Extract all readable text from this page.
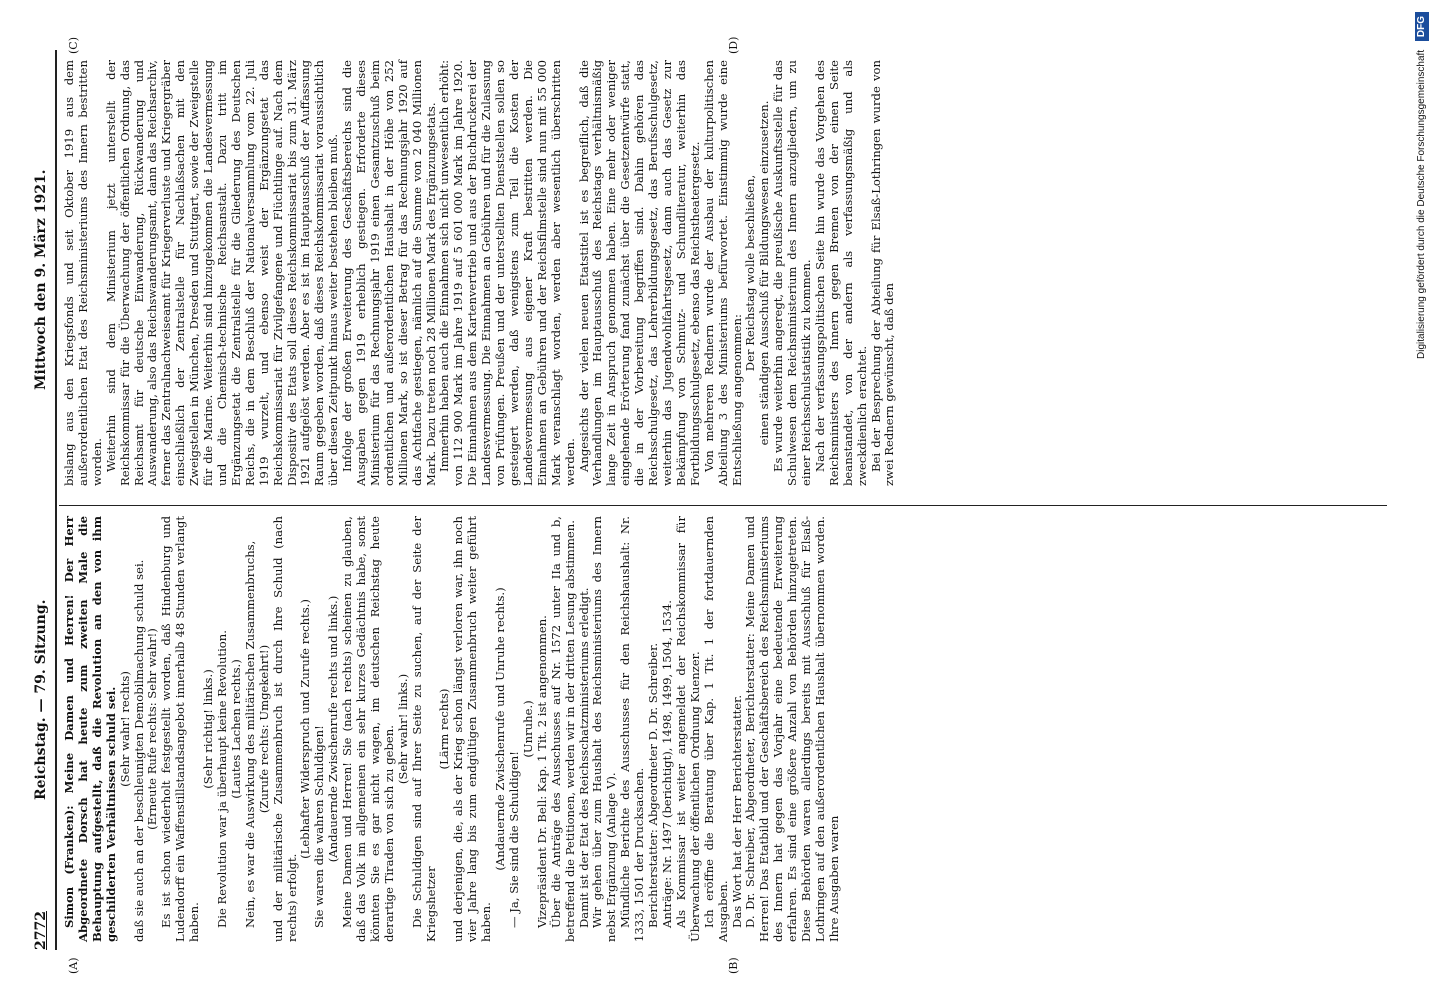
2772
Reichstag. — 79. Sitzung.
Mittwoch den 9. März 1921.
(A)	(B)
(C)	(D)

Simon (Franken): Meine Damen und Herren! Der Herr Abgeordnete Dorsch hat heute zum zweiten Male die Behauptung aufgestellt, daß die Revolution an den von ihm geschilderten Verhältnissen schuld sei. (Sehr wahr! rechts) daß sie auch an der beschleunigten Demobilmachung schuld sei. (Erneute Rufe rechts: Sehr wahr!) Es ist schon wiederholt festgestellt worden, daß Hindenburg und Ludendorff ein Waffenstillstandsangebot innerhalb 48 Stunden verlangt haben.

(Sehr richtig! links.) Die Revolution war ja überhaupt keine Revolution. (Lautes Lachen rechts.) Nein, es war die Auswirkung des militärischen Zusammenbruchs, (Zurufe rechts: Umgekehrt!) und der militärische Zusammenbruch ist durch Ihre Schuld (nach rechts) erfolgt.

(Lebhafter Widerspruch und Zurufe rechts.) Sie waren die wahren Schuldigen! (Andauernde Zwischenrufe rechts und links.) Meine Damen und Herren! Sie (nach rechts) scheinen zu glauben, daß das Volk im allgemeinen ein sehr kurzes Gedächtnis habe, sonst könnten Sie es gar nicht wagen, im deutschen Reichstag heute derartige Tiraden von sich zu geben. (Sehr wahr! links.) Die Schuldigen sind auf Ihrer Seite zu suchen, auf der Seite der Kriegshetzer

(Lärm rechts) und derjenigen, die, als der Krieg schon längst verloren war, ihn noch vier Jahre lang bis zum endgültigen Zusammenbruch weiter geführt haben.

(Andauernde Zwischenrufe und Unruhe rechts.) — Ja, Sie sind die Schuldigen!

(Unruhe.) Vizepräsident Dr. Bell: Kap. 1 Tit. 2 ist angenommen. Über die Anträge des Ausschusses auf Nr. 1572 unter IIa und b, betreffend die Petitionen, werden wir in der dritten Lesung abstimmen. Damit ist der Etat des Reichsschatzministeriums erledigt. Wir gehen über zum Haushalt des Reichsministeriums des Innern nebst Ergänzung (Anlage V). Mündliche Berichte des Ausschusses für den Reichshaushalt: Nr. 1333, 1501 der Drucksachen. Berichterstatter: Abgeordneter D. Dr. Schreiber. Anträge: Nr. 1497 (berichtigt), 1498, 1499, 1504, 1534. Als Kommissar ist weiter angemeldet der Reichskommissar für Überwachung der öffentlichen Ordnung Kuenzer. Ich eröffne die Beratung über Kap. 1 Tit. 1 der fortdauernden Ausgaben. Das Wort hat der Herr Berichterstatter. D. Dr. Schreiber, Abgeordneter, Berichterstatter: Meine Damen und Herren! Das Etatbild und der Geschäftsbereich des Reichsministeriums des Innern hat gegen das Vorjahr eine bedeutende Erweiterung erfahren. Es sind eine größere Anzahl von Behörden hinzugetreten. Diese Behörden waren allerdings bereits mit Ausschluß für Elsaß-Lothringen auf den außerordentlichen Haushalt übernommen worden. Ihre Ausgaben waren

bislang aus den Kriegsfonds und seit Oktober 1919 aus dem außerordentlichen Etat des Reichsministeriums des Innern bestritten worden. Weiterhin sind dem Ministerium jetzt unterstellt der Reichskommissar für die Überwachung der öffentlichen Ordnung, das Reichsamt für deutsche Einwanderung, Rückwanderung und Auswanderung, also das Reichswanderungsamt, dann das Reichsarchiv, ferner das Zentralnachweiseamt für Kriegerverluste und Kriegergräber einschließlich der Zentralstelle für Nachlaßsachen mit den Zweigstellen in München, Dresden und Stuttgart, sowie der Zweigstelle für die Marine. Weiterhin sind hinzugekommen die Landesvermessung und die Chemisch-technische Reichsanstalt. Dazu tritt im Ergänzungsetat die Zentralstelle für die Gliederung des Deutschen Reichs, die in dem Beschluß der Nationalversammlung vom 22. Juli 1919 wurzelt, und ebenso weist der Ergänzungsetat das Reichskommissariat für Zivilgefangene und Flüchtlinge auf. Nach dem Dispositiv des Etats soll dieses Reichskommissariat bis zum 31. März 1921 aufgelöst werden. Aber es ist im Hauptausschuß der Auffassung Raum gegeben worden, daß dieses Reichskommissariat voraussichtlich über diesen Zeitpunkt hinaus weiter bestehen bleiben muß. Infolge der großen Erweiterung des Geschäftsbereichs sind die Ausgaben gegen 1919 erheblich gestiegen. Erforderte dieses Ministerium für das Rechnungsjahr 1919 einen Gesamtzuschuß beim ordentlichen und außerordentlichen Haushalt in der Höhe von 252 Millionen Mark, so ist dieser Betrag für das Rechnungsjahr 1920 auf das Achtfache gestiegen, nämlich auf die Summe von 2 040 Millionen Mark. Dazu treten noch 28 Millionen Mark des Ergänzungsetats. Immerhin haben auch die Einnahmen sich nicht unwesentlich erhöht: von 112 900 Mark im Jahre 1919 auf 5 601 000 Mark im Jahre 1920. Die Einnahmen aus dem Kartenvertrieb und aus der Buchdruckerei der Landesvermessung. Die Einnahmen an Gebühren und für die Zulassung von Prüfungen. Preußen und der unterstellten Dienststellen sollen so gesteigert werden, daß wenigstens zum Teil die Kosten der Landesvermessung aus eigener Kraft bestritten werden. Die Einnahmen an Gebühren und der Reichsfilmstelle sind nun mit 55 000 Mark veranschlagt worden, werden aber wesentlich überschritten werden. Angesichts der vielen neuen Etatstitel ist es begreiflich, daß die Verhandlungen im Hauptausschuß des Reichstags verhältnismäßig lange Zeit in Anspruch genommen haben. Eine mehr oder weniger eingehende Erörterung fand zunächst über die Gesetzentwürfe statt, die in der Vorbereitung begriffen sind. Dahin gehören das Reichsschulgesetz, das Lehrerbildungsgesetz, das Berufsschulgesetz, weiterhin das Jugendwohlfahrtsgesetz, dann auch das Gesetz zur Bekämpfung von Schmutz- und Schundliteratur, weiterhin das Fortbildungsschulgesetz, ebenso das Reichstheatergesetz. Von mehreren Rednern wurde der Ausbau der kulturpolitischen Abteilung 3 des Ministeriums befürwortet. Einstimmig wurde eine Entschließung angenommen:

Der Reichstag wolle beschließen, einen ständigen Ausschuß für Bildungswesen einzusetzen. Es wurde weiterhin angeregt, die preußische Auskunftsstelle für das Schulwesen dem Reichsministerium des Innern anzugliedern, um zu einer Reichsschulstatistik zu kommen. Nach der verfassungspolitischen Seite hin wurde das Vorgehen des Reichsministers des Innern gegen Bremen von der einen Seite beanstandet, von der andern als verfassungsmäßig und als zweckdienlich erachtet. Bei der Besprechung der Abteilung für Elsaß-Lothringen wurde von zwei Rednern gewünscht, daß den

Digitalisierung gefördert durch die Deutsche Forschungsgemeinschaft DFG
